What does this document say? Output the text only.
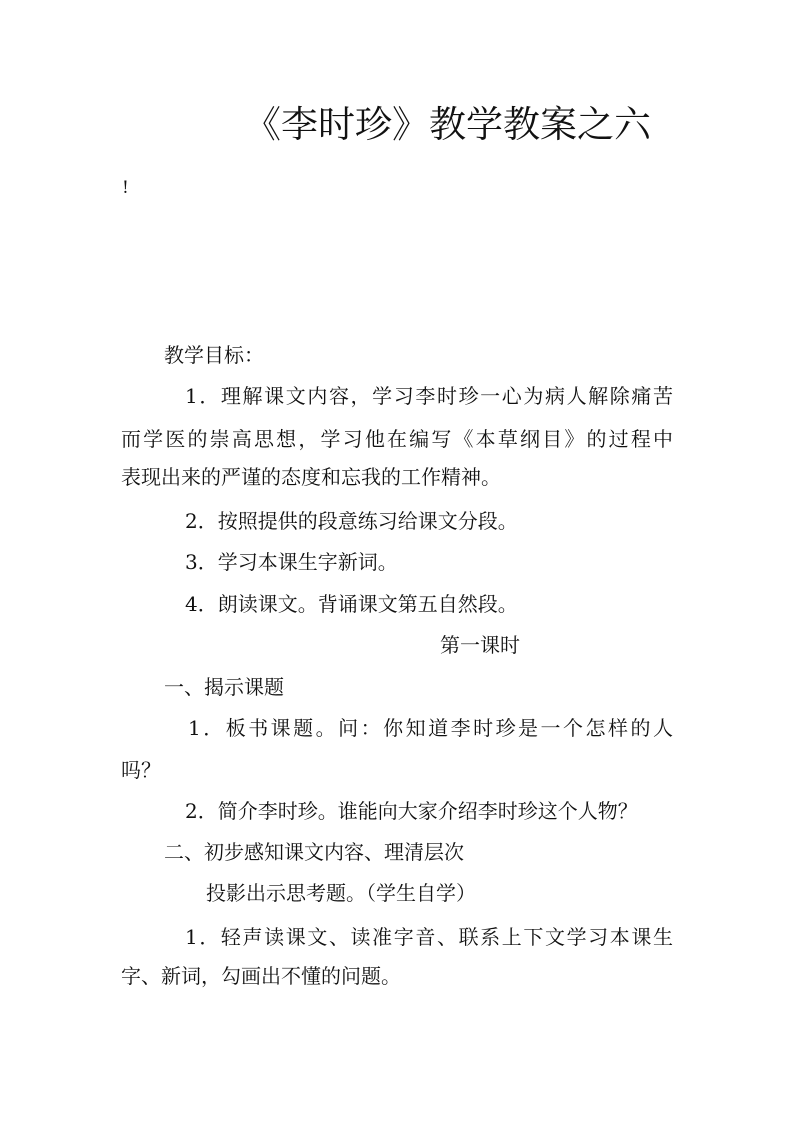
《李时珍》教学教案之六
!
教学目标：
1．理解课文内容，学习李时珍一心为病人解除痛苦
而学医的崇高思想，学习他在编写《本草纲目》的过程中
表现出来的严谨的态度和忘我的工作精神。
2．按照提供的段意练习给课文分段。
3．学习本课生字新词。
4．朗读课文。背诵课文第五自然段。
第一课时
一、揭示课题
1．板书课题。问：你知道李时珍是一个怎样的人
吗？
2．简介李时珍。谁能向大家介绍李时珍这个人物？
二、初步感知课文内容、理清层次
投影出示思考题。（学生自学）
1．轻声读课文、读准字音、联系上下文学习本课生
字、新词，勾画出不懂的问题。
